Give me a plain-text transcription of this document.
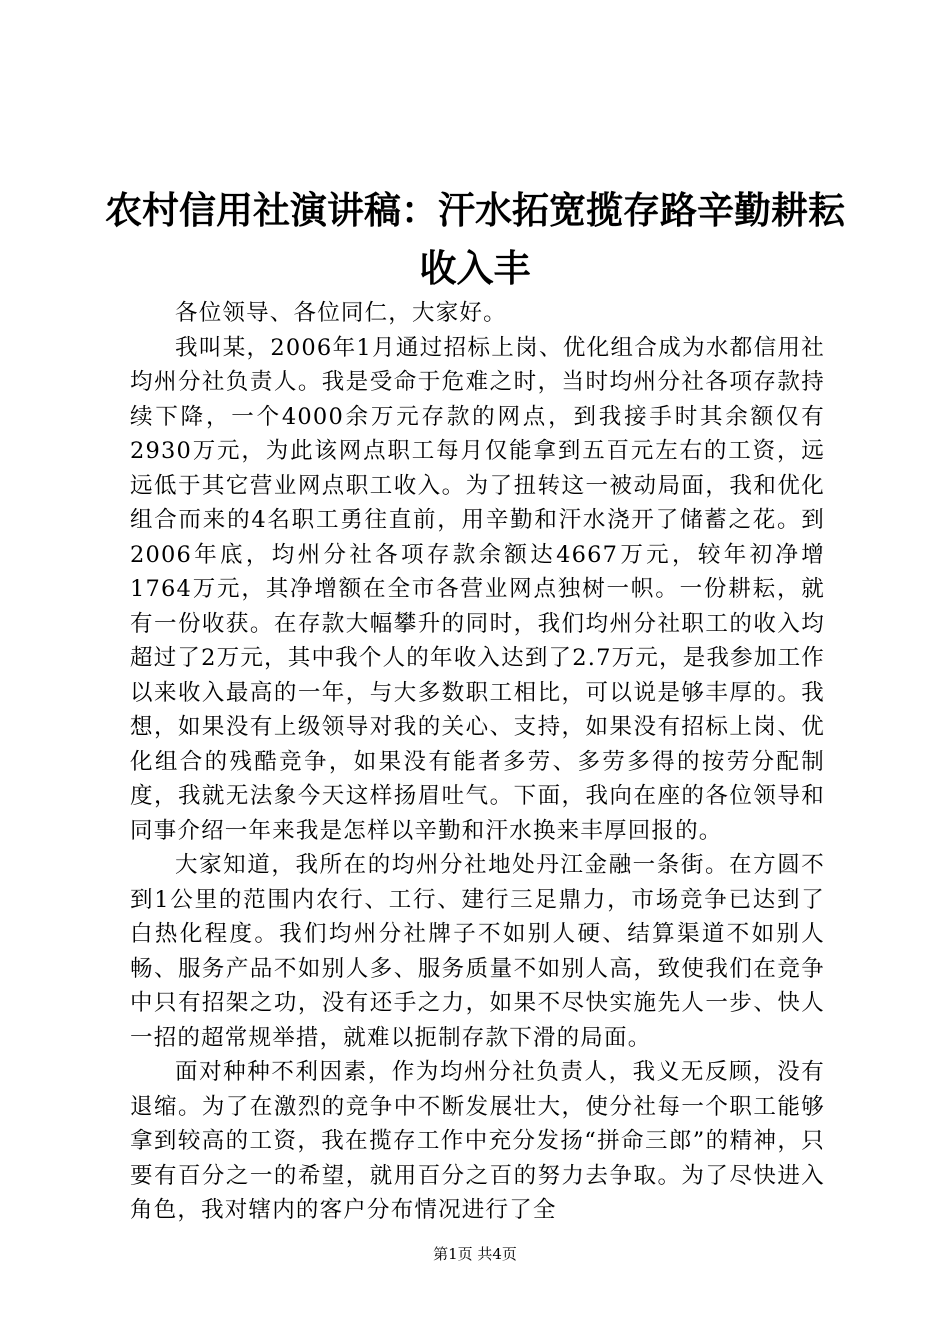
农村信用社演讲稿：汗水拓宽揽存路辛勤耕耘
收入丰

各位领导、各位同仁，大家好。

我叫某，2006年1月通过招标上岗、优化组合成为水都信用社均州分社负责人。我是受命于危难之时，当时均州分社各项存款持续下降，一个4000余万元存款的网点，到我接手时其余额仅有2930万元，为此该网点职工每月仅能拿到五百元左右的工资，远远低于其它营业网点职工收入。为了扭转这一被动局面，我和优化组合而来的4名职工勇往直前，用辛勤和汗水浇开了储蓄之花。到2006年底，均州分社各项存款余额达4667万元，较年初净增1764万元，其净增额在全市各营业网点独树一帜。一份耕耘，就有一份收获。在存款大幅攀升的同时，我们均州分社职工的收入均超过了2万元，其中我个人的年收入达到了2.7万元，是我参加工作以来收入最高的一年，与大多数职工相比，可以说是够丰厚的。我想，如果没有上级领导对我的关心、支持，如果没有招标上岗、优化组合的残酷竞争，如果没有能者多劳、多劳多得的按劳分配制度，我就无法象今天这样扬眉吐气。下面，我向在座的各位领导和同事介绍一年来我是怎样以辛勤和汗水换来丰厚回报的。

大家知道，我所在的均州分社地处丹江金融一条街。在方圆不到1公里的范围内农行、工行、建行三足鼎力，市场竞争已达到了白热化程度。我们均州分社牌子不如别人硬、结算渠道不如别人畅、服务产品不如别人多、服务质量不如别人高，致使我们在竞争中只有招架之功，没有还手之力，如果不尽快实施先人一步、快人一招的超常规举措，就难以扼制存款下滑的局面。

面对种种不利因素，作为均州分社负责人，我义无反顾，没有退缩。为了在激烈的竞争中不断发展壮大，使分社每一个职工能够拿到较高的工资，我在揽存工作中充分发扬“拼命三郎”的精神，只要有百分之一的希望，就用百分之百的努力去争取。为了尽快进入角色，我对辖内的客户分布情况进行了全

第1页 共4页
